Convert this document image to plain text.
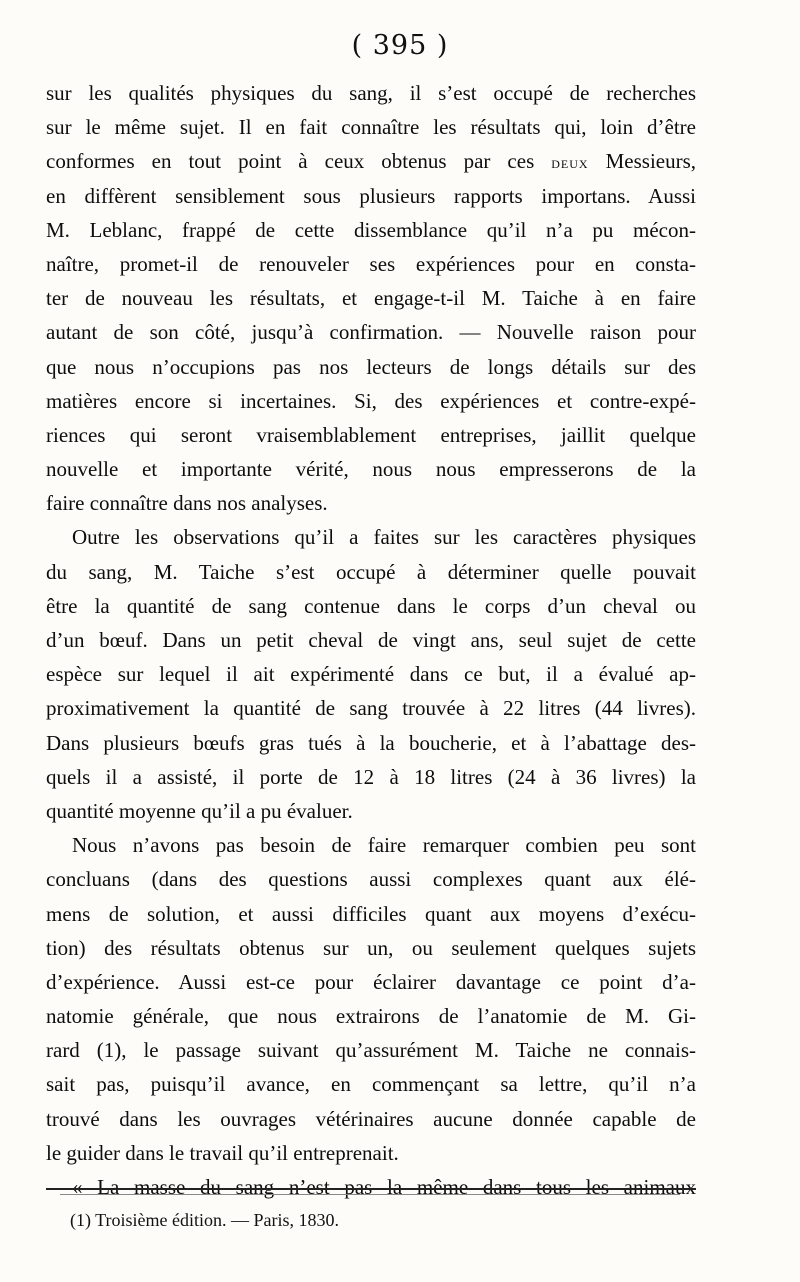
( 395 )
sur les qualités physiques du sang, il s’est occupé de recherches
sur le même sujet. Il en fait connaître les résultats qui, loin d’être
conformes en tout point à ceux obtenus par ces deux Messieurs,
en diffèrent sensiblement sous plusieurs rapports importans. Aussi
M. Leblanc, frappé de cette dissemblance qu’il n’a pu mécon-
naître, promet-il de renouveler ses expériences pour en consta-
ter de nouveau les résultats, et engage-t-il M. Taiche à en faire
autant de son côté, jusqu’à confirmation. — Nouvelle raison pour
que nous n’occupions pas nos lecteurs de longs détails sur des
matières encore si incertaines. Si, des expériences et contre-expé-
riences qui seront vraisemblablement entreprises, jaillit quelque
nouvelle et importante vérité, nous nous empresserons de la
faire connaître dans nos analyses.
Outre les observations qu’il a faites sur les caractères physiques
du sang, M. Taiche s’est occupé à déterminer quelle pouvait
être la quantité de sang contenue dans le corps d’un cheval ou
d’un bœuf. Dans un petit cheval de vingt ans, seul sujet de cette
espèce sur lequel il ait expérimenté dans ce but, il a évalué ap-
proximativement la quantité de sang trouvée à 22 litres (44 livres).
Dans plusieurs bœufs gras tués à la boucherie, et à l’abattage des-
quels il a assisté, il porte de 12 à 18 litres (24 à 36 livres) la
quantité moyenne qu’il a pu évaluer.
Nous n’avons pas besoin de faire remarquer combien peu sont
concluans (dans des questions aussi complexes quant aux élé-
mens de solution, et aussi difficiles quant aux moyens d’exécu-
tion) des résultats obtenus sur un, ou seulement quelques sujets
d’expérience. Aussi est-ce pour éclairer davantage ce point d’a-
natomie générale, que nous extrairons de l’anatomie de M. Gi-
rard (1), le passage suivant qu’assurément M. Taiche ne connais-
sait pas, puisqu’il avance, en commençant sa lettre, qu’il n’a
trouvé dans les ouvrages vétérinaires aucune donnée capable de
le guider dans le travail qu’il entreprenait.
« La masse du sang n’est pas la même dans tous les animaux
(1) Troisième édition. — Paris, 1830.
